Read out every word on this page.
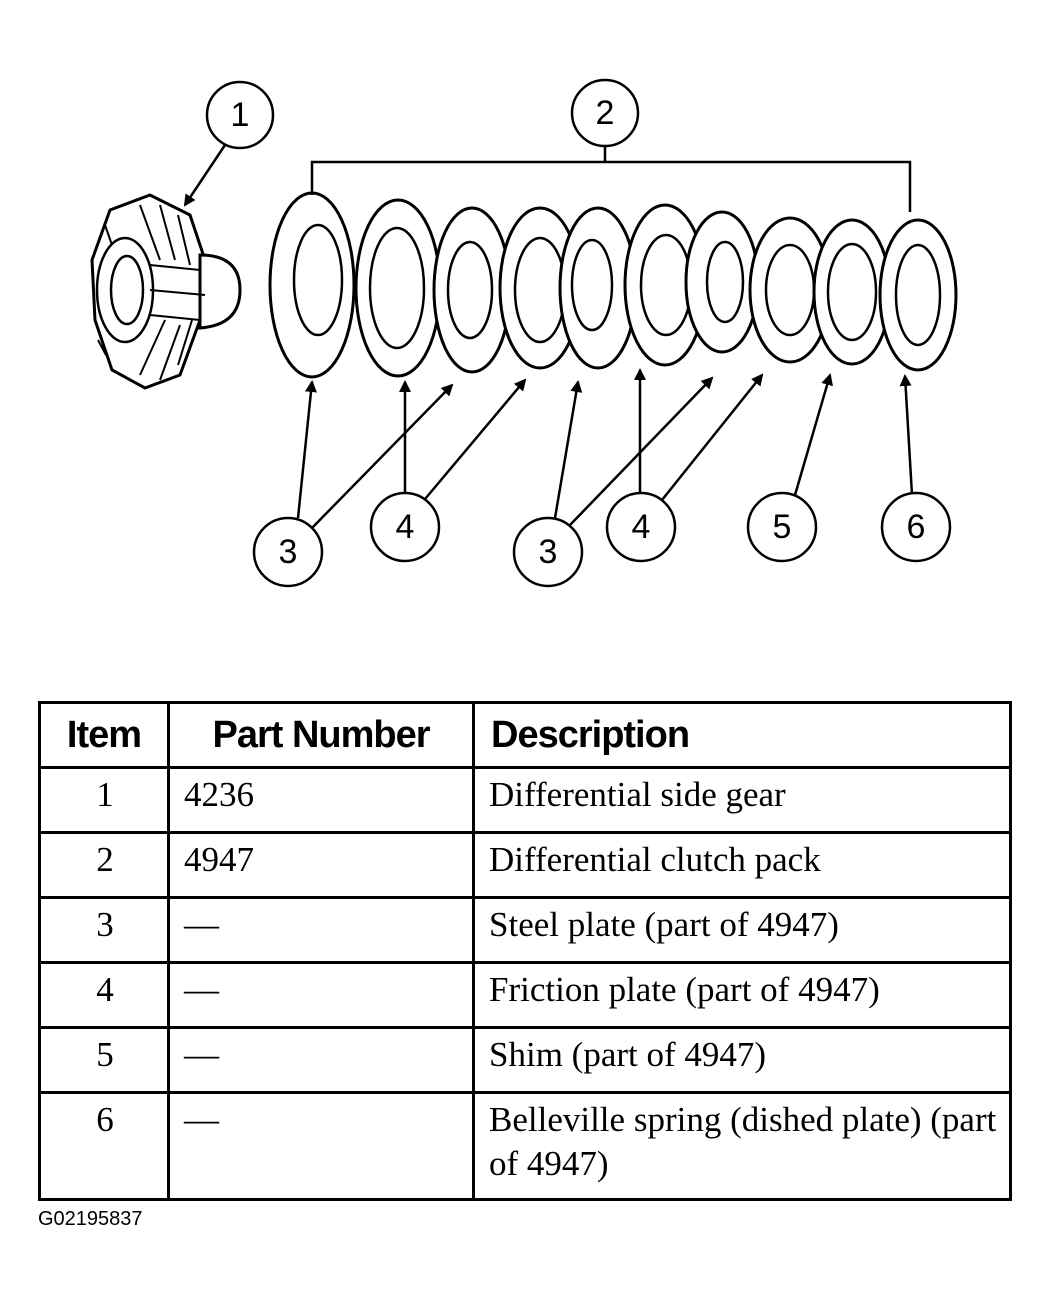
1	2
3
4
3
4	5	6
Item	Part Number	Description
1	4236	Differential side gear
2	4947	Differential clutch pack
3	—	Steel plate (part of 4947)
4	—	Friction plate (part of 4947)
5	—	Shim (part of 4947)
6	—	Belleville spring (dished plate) (part of 4947)
G02195837
